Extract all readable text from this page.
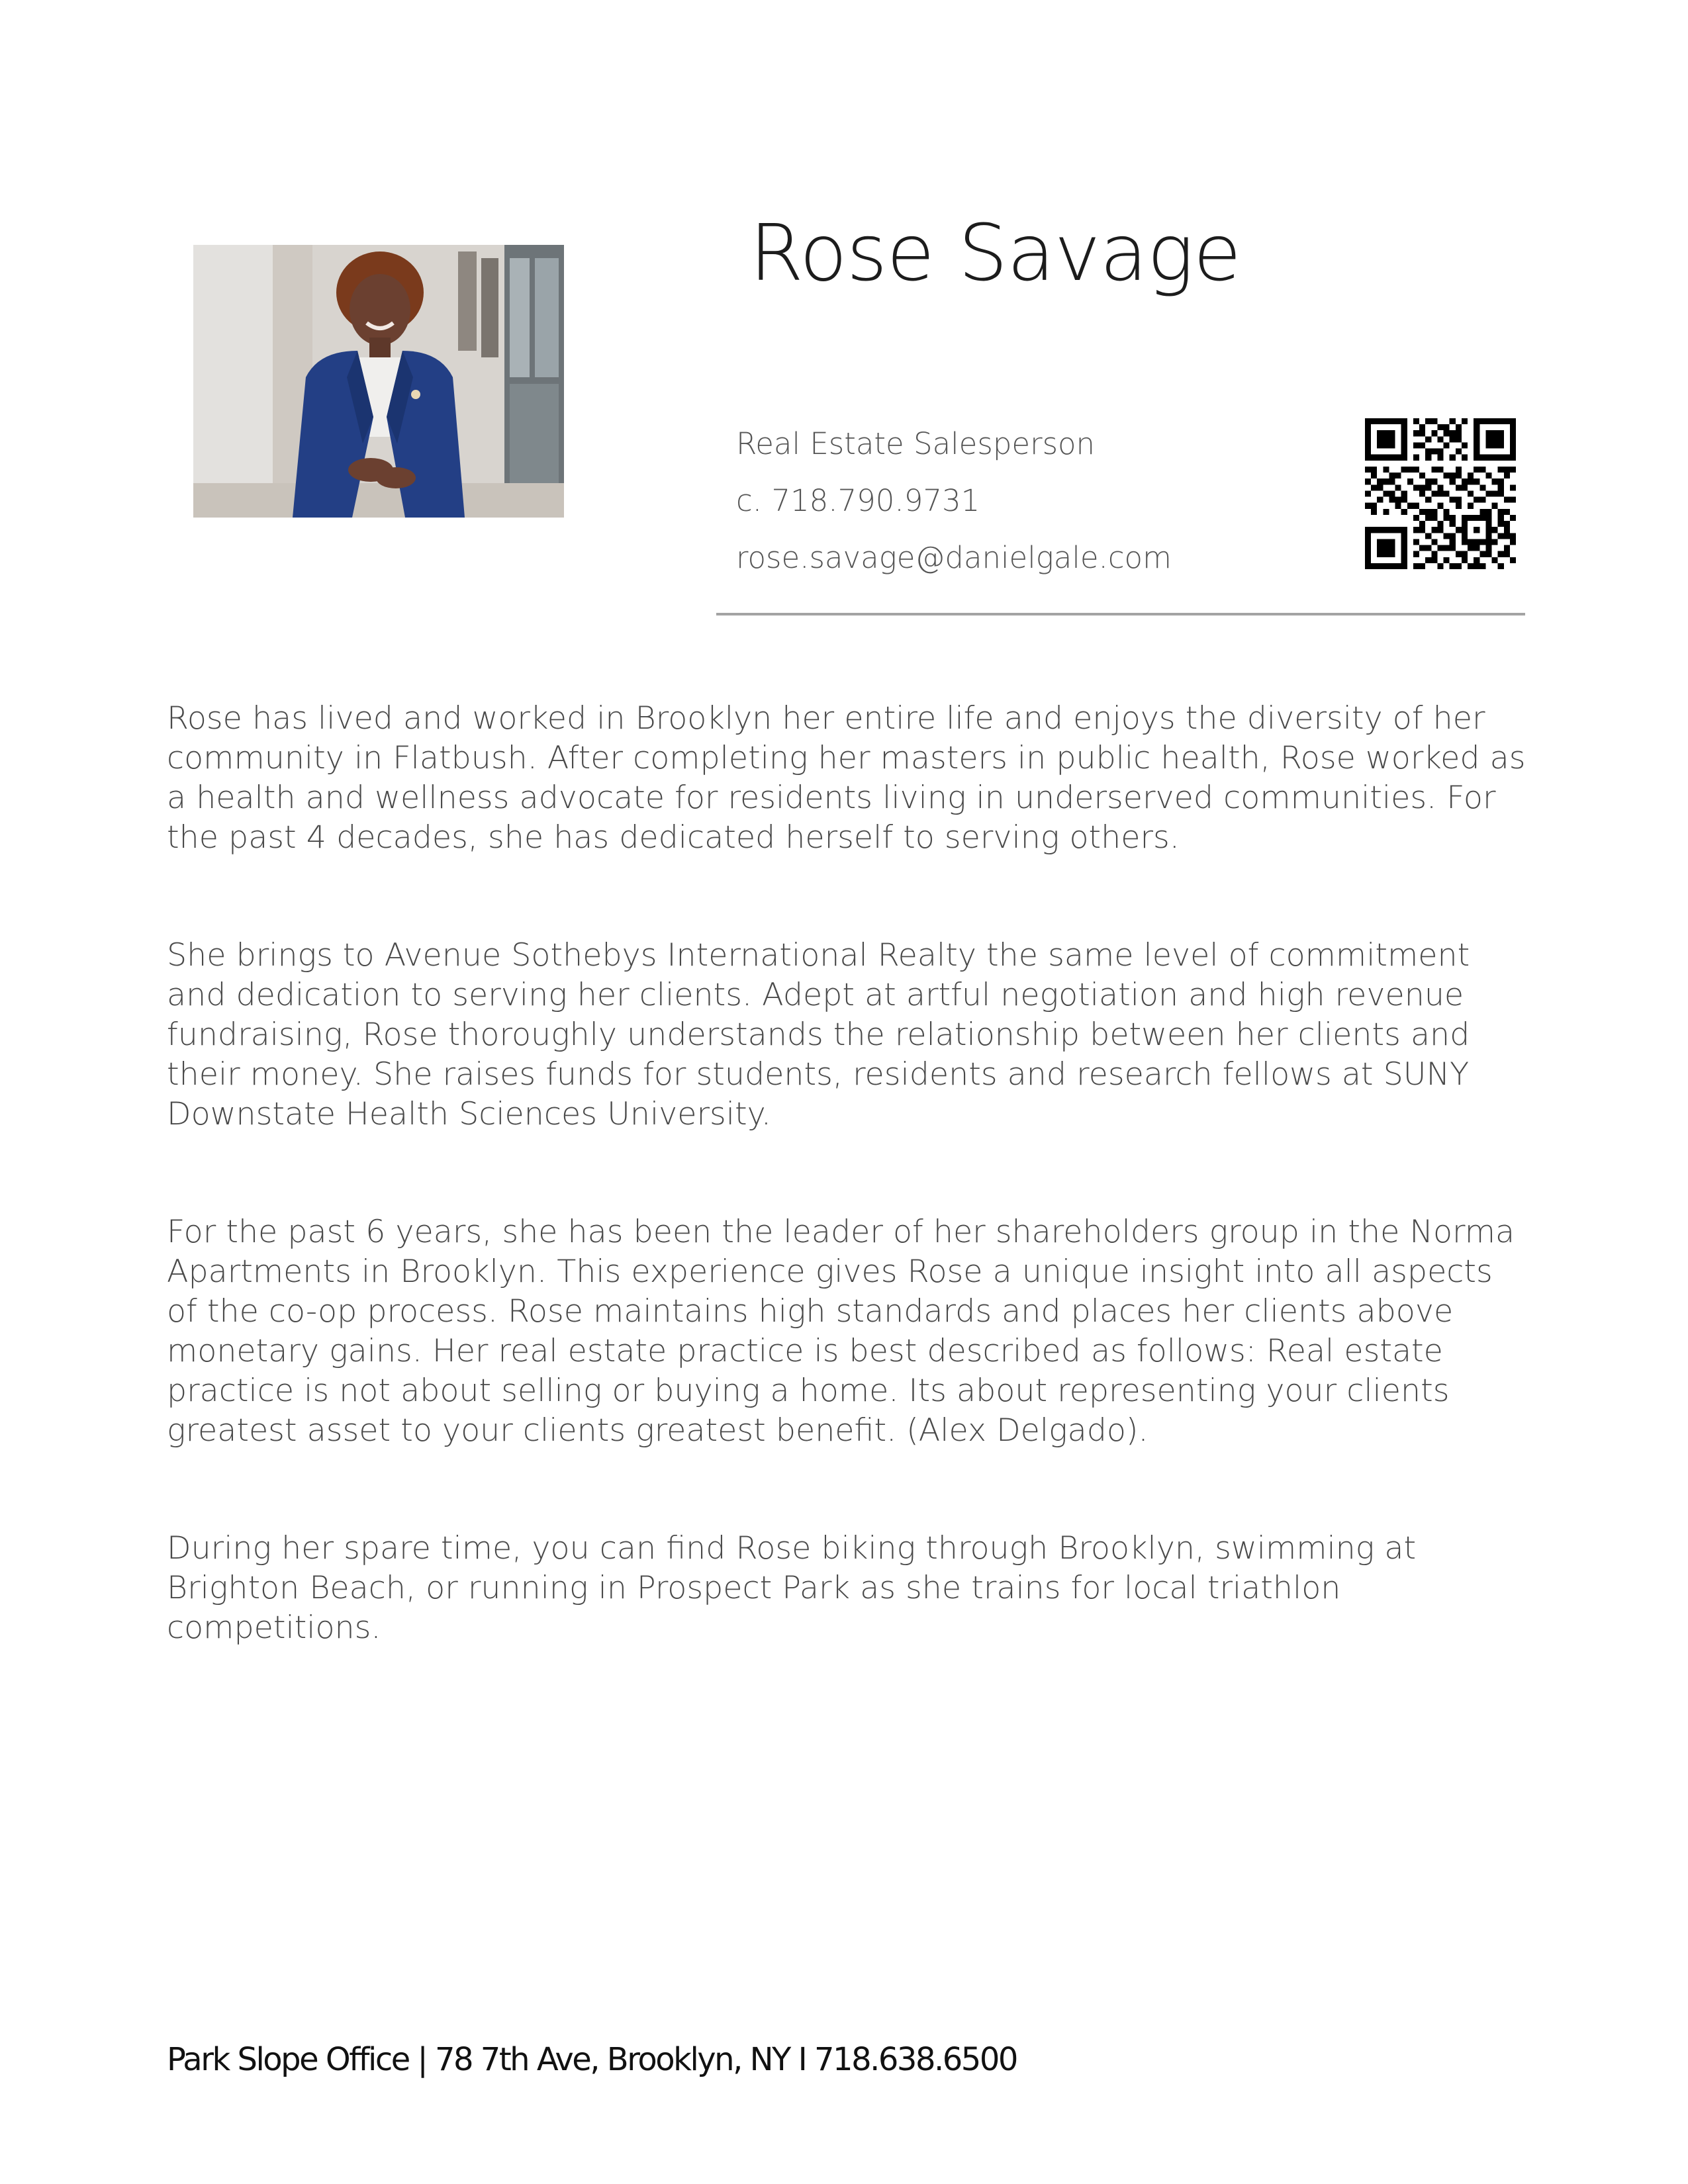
Rose Savage
Real Estate Salesperson
c. 718.790.9731
rose.savage@danielgale.com

Rose has lived and worked in Brooklyn her entire life and enjoys the diversity of her community in Flatbush. After completing her masters in public health, Rose worked as a health and wellness advocate for residents living in underserved communities. For the past 4 decades, she has dedicated herself to serving others.

She brings to Avenue Sothebys International Realty the same level of commitment and dedication to serving her clients. Adept at artful negotiation and high revenue fundraising, Rose thoroughly understands the relationship between her clients and their money. She raises funds for students, residents and research fellows at SUNY Downstate Health Sciences University.

For the past 6 years, she has been the leader of her shareholders group in the Norma Apartments in Brooklyn. This experience gives Rose a unique insight into all aspects of the co-op process. Rose maintains high standards and places her clients above monetary gains. Her real estate practice is best described as follows: Real estate practice is not about selling or buying a home. Its about representing your clients greatest asset to your clients greatest benefit. (Alex Delgado).

During her spare time, you can find Rose biking through Brooklyn, swimming at Brighton Beach, or running in Prospect Park as she trains for local triathlon competitions.

Park Slope Office | 78 7th Ave, Brooklyn, NY I 718.638.6500
